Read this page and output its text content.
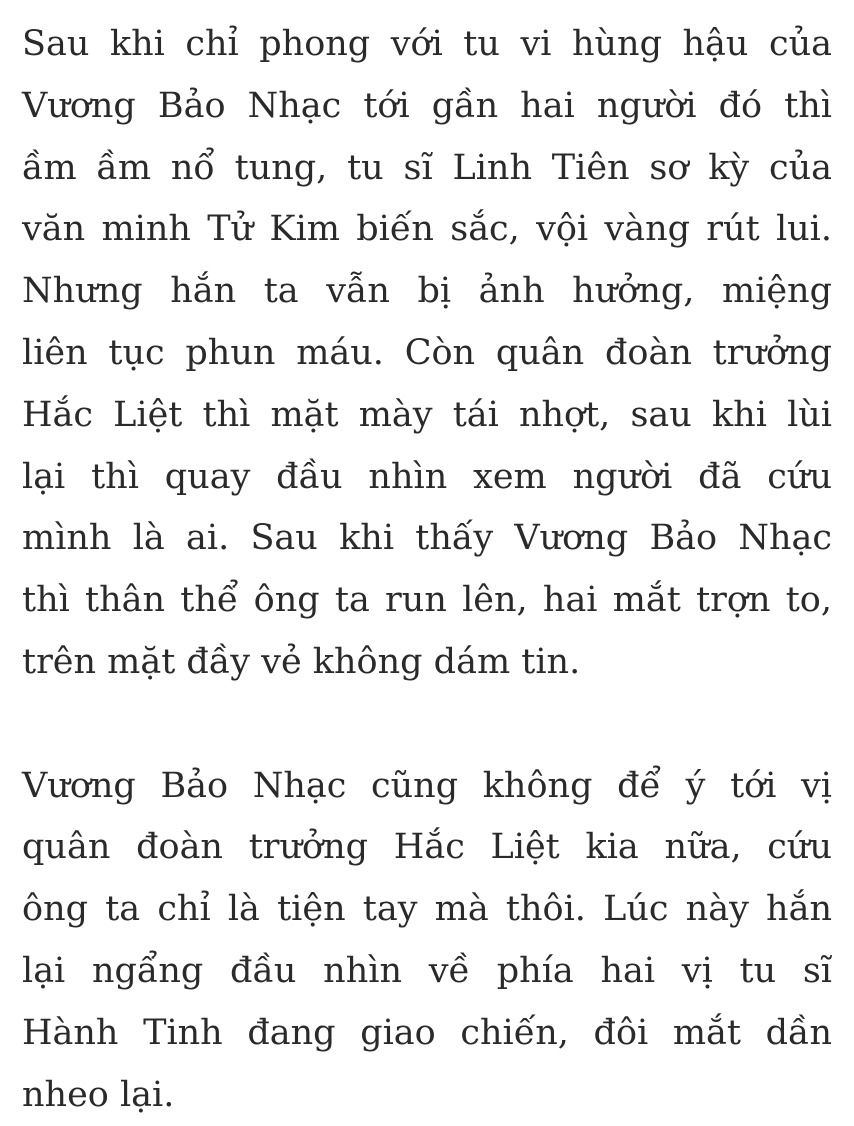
Sau khi chỉ phong với tu vi hùng hậu của
Vương Bảo Nhạc tới gần hai người đó thì
ầm ầm nổ tung, tu sĩ Linh Tiên sơ kỳ của
văn minh Tử Kim biến sắc, vội vàng rút lui.
Nhưng hắn ta vẫn bị ảnh hưởng, miệng
liên tục phun máu. Còn quân đoàn trưởng
Hắc Liệt thì mặt mày tái nhợt, sau khi lùi
lại thì quay đầu nhìn xem người đã cứu
mình là ai. Sau khi thấy Vương Bảo Nhạc
thì thân thể ông ta run lên, hai mắt trợn to,
trên mặt đầy vẻ không dám tin.

Vương Bảo Nhạc cũng không để ý tới vị
quân đoàn trưởng Hắc Liệt kia nữa, cứu
ông ta chỉ là tiện tay mà thôi. Lúc này hắn
lại ngẩng đầu nhìn về phía hai vị tu sĩ
Hành Tinh đang giao chiến, đôi mắt dần
nheo lại.
